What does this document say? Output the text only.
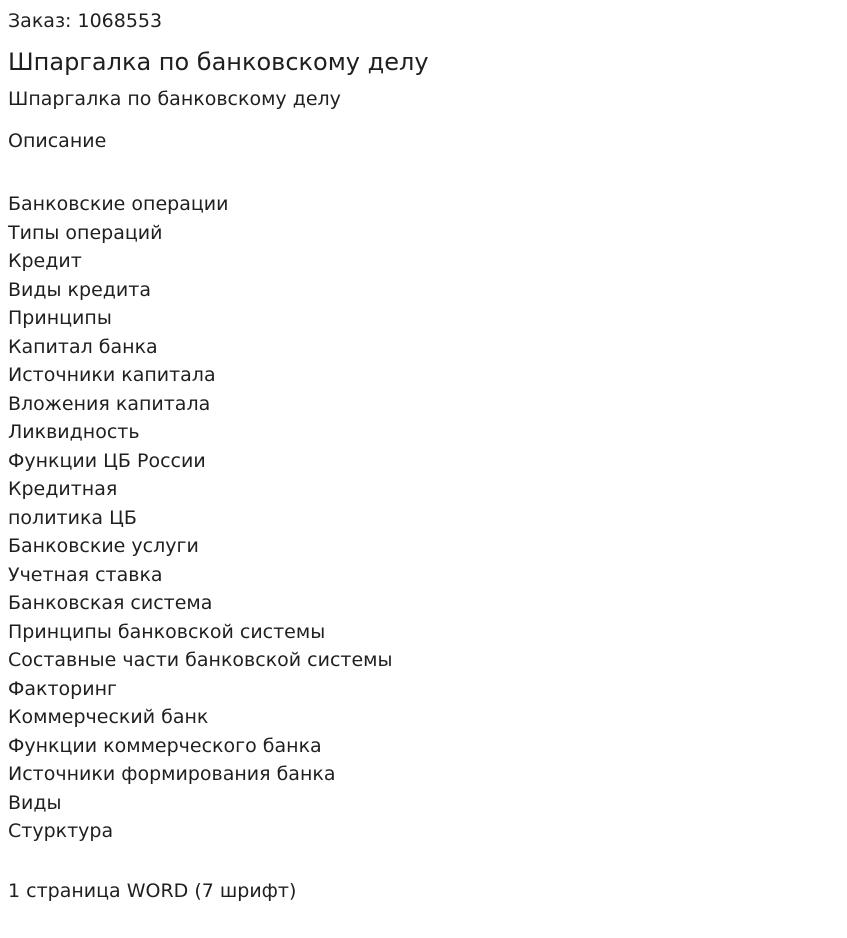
Заказ: 1068553

Шпаргалка по банковскому делу

Шпаргалка по банковскому делу

Описание

Банковские операции
Типы операций
Кредит
Виды кредита
Принципы
Капитал банка
Источники капитала
Вложения капитала
Ликвидность
Функции ЦБ России
Кредитная
политика ЦБ
Банковские услуги
Учетная ставка
Банковская система
Принципы банковской системы
Составные части банковской системы
Факторинг
Коммерческий банк
Функции коммерческого банка
Источники формирования банка
Виды
Стурктура

1 страница WORD (7 шрифт)
